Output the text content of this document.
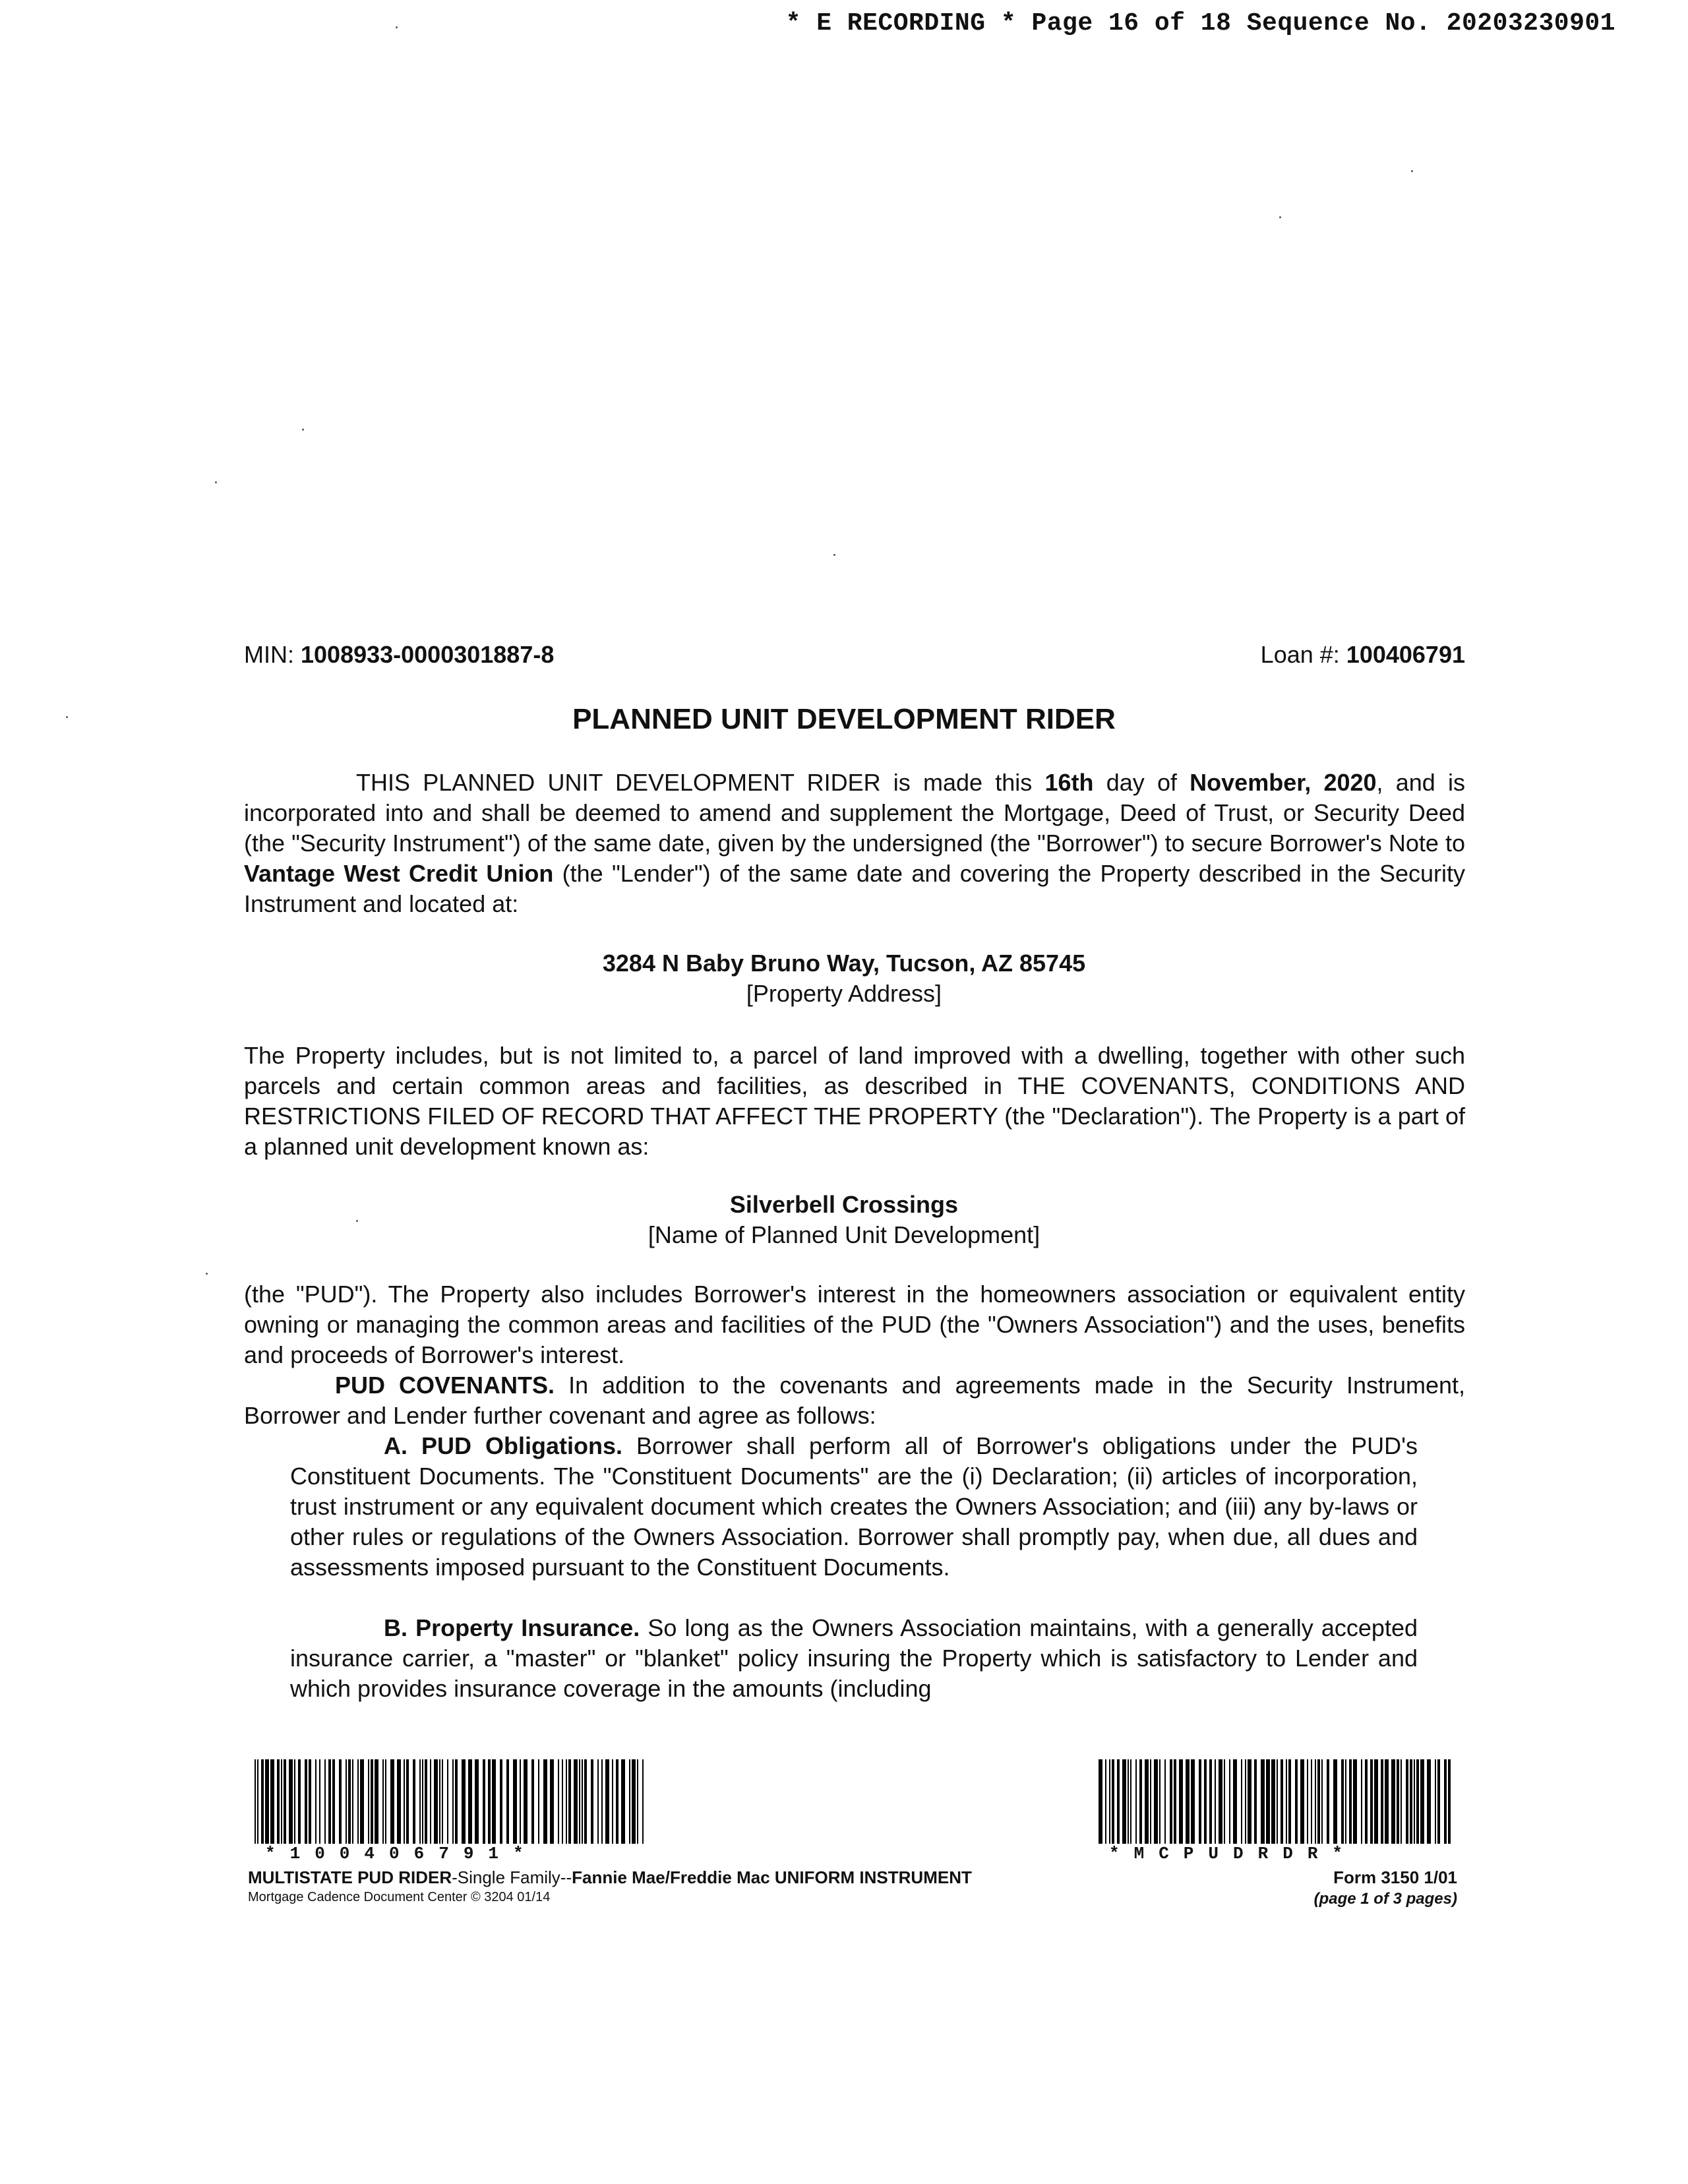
* E RECORDING * Page 16 of 18 Sequence No. 20203230901
MIN: 1008933-0000301887-8	Loan #: 100406791
PLANNED UNIT DEVELOPMENT RIDER
THIS PLANNED UNIT DEVELOPMENT RIDER is made this 16th day of November, 2020, and is incorporated into and shall be deemed to amend and supplement the Mortgage, Deed of Trust, or Security Deed (the "Security Instrument") of the same date, given by the undersigned (the "Borrower") to secure Borrower's Note to Vantage West Credit Union (the "Lender") of the same date and covering the Property described in the Security Instrument and located at:
3284 N Baby Bruno Way, Tucson, AZ 85745
[Property Address]
The Property includes, but is not limited to, a parcel of land improved with a dwelling, together with other such parcels and certain common areas and facilities, as described in THE COVENANTS, CONDITIONS AND RESTRICTIONS FILED OF RECORD THAT AFFECT THE PROPERTY (the "Declaration"). The Property is a part of a planned unit development known as:
Silverbell Crossings
[Name of Planned Unit Development]
(the "PUD"). The Property also includes Borrower's interest in the homeowners association or equivalent entity owning or managing the common areas and facilities of the PUD (the "Owners Association") and the uses, benefits and proceeds of Borrower's interest.
PUD COVENANTS. In addition to the covenants and agreements made in the Security Instrument, Borrower and Lender further covenant and agree as follows:
A. PUD Obligations. Borrower shall perform all of Borrower's obligations under the PUD's Constituent Documents. The "Constituent Documents" are the (i) Declaration; (ii) articles of incorporation, trust instrument or any equivalent document which creates the Owners Association; and (iii) any by-laws or other rules or regulations of the Owners Association. Borrower shall promptly pay, when due, all dues and assessments imposed pursuant to the Constituent Documents.
B. Property Insurance. So long as the Owners Association maintains, with a generally accepted insurance carrier, a "master" or "blanket" policy insuring the Property which is satisfactory to Lender and which provides insurance coverage in the amounts (including
*100406791*	*MCPUDRDR*
MULTISTATE PUD RIDER-Single Family--Fannie Mae/Freddie Mac UNIFORM INSTRUMENT
Mortgage Cadence Document Center © 3204 01/14
Form 3150 1/01
(page 1 of 3 pages)
